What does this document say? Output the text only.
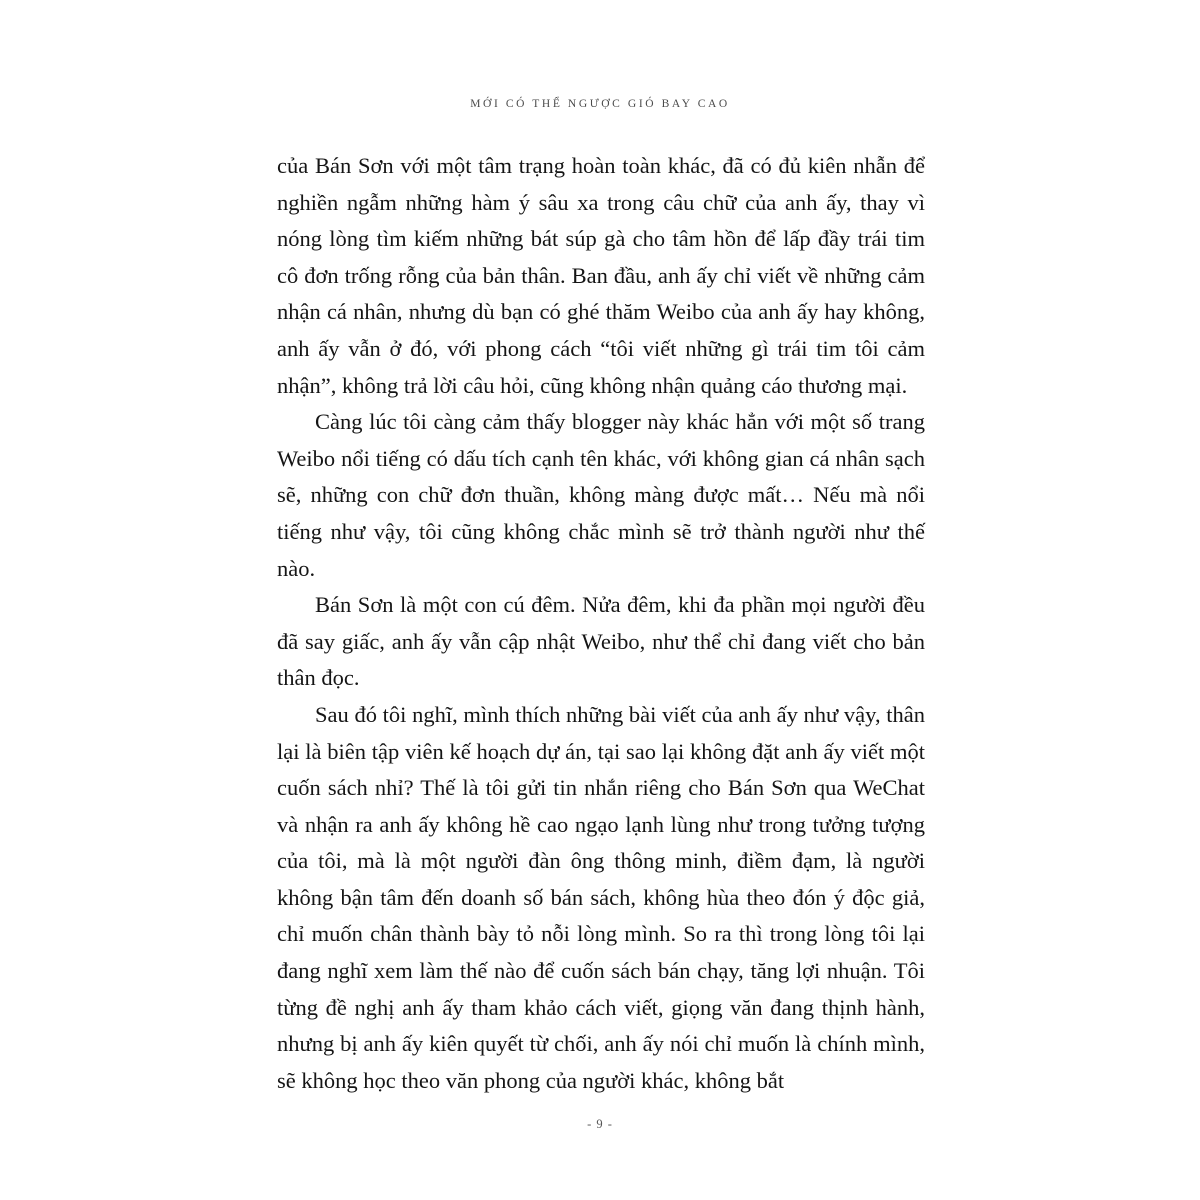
MỚI CÓ THỂ NGƯỢC GIÓ BAY CAO

của Bán Sơn với một tâm trạng hoàn toàn khác, đã có đủ kiên nhẫn để nghiền ngẫm những hàm ý sâu xa trong câu chữ của anh ấy, thay vì nóng lòng tìm kiếm những bát súp gà cho tâm hồn để lấp đầy trái tim cô đơn trống rỗng của bản thân. Ban đầu, anh ấy chỉ viết về những cảm nhận cá nhân, nhưng dù bạn có ghé thăm Weibo của anh ấy hay không, anh ấy vẫn ở đó, với phong cách “tôi viết những gì trái tim tôi cảm nhận”, không trả lời câu hỏi, cũng không nhận quảng cáo thương mại.

Càng lúc tôi càng cảm thấy blogger này khác hẳn với một số trang Weibo nổi tiếng có dấu tích cạnh tên khác, với không gian cá nhân sạch sẽ, những con chữ đơn thuần, không màng được mất… Nếu mà nổi tiếng như vậy, tôi cũng không chắc mình sẽ trở thành người như thế nào.

Bán Sơn là một con cú đêm. Nửa đêm, khi đa phần mọi người đều đã say giấc, anh ấy vẫn cập nhật Weibo, như thể chỉ đang viết cho bản thân đọc.

Sau đó tôi nghĩ, mình thích những bài viết của anh ấy như vậy, thân lại là biên tập viên kế hoạch dự án, tại sao lại không đặt anh ấy viết một cuốn sách nhỉ? Thế là tôi gửi tin nhắn riêng cho Bán Sơn qua WeChat và nhận ra anh ấy không hề cao ngạo lạnh lùng như trong tưởng tượng của tôi, mà là một người đàn ông thông minh, điềm đạm, là người không bận tâm đến doanh số bán sách, không hùa theo đón ý độc giả, chỉ muốn chân thành bày tỏ nỗi lòng mình. So ra thì trong lòng tôi lại đang nghĩ xem làm thế nào để cuốn sách bán chạy, tăng lợi nhuận. Tôi từng đề nghị anh ấy tham khảo cách viết, giọng văn đang thịnh hành, nhưng bị anh ấy kiên quyết từ chối, anh ấy nói chỉ muốn là chính mình, sẽ không học theo văn phong của người khác, không bắt

- 9 -
